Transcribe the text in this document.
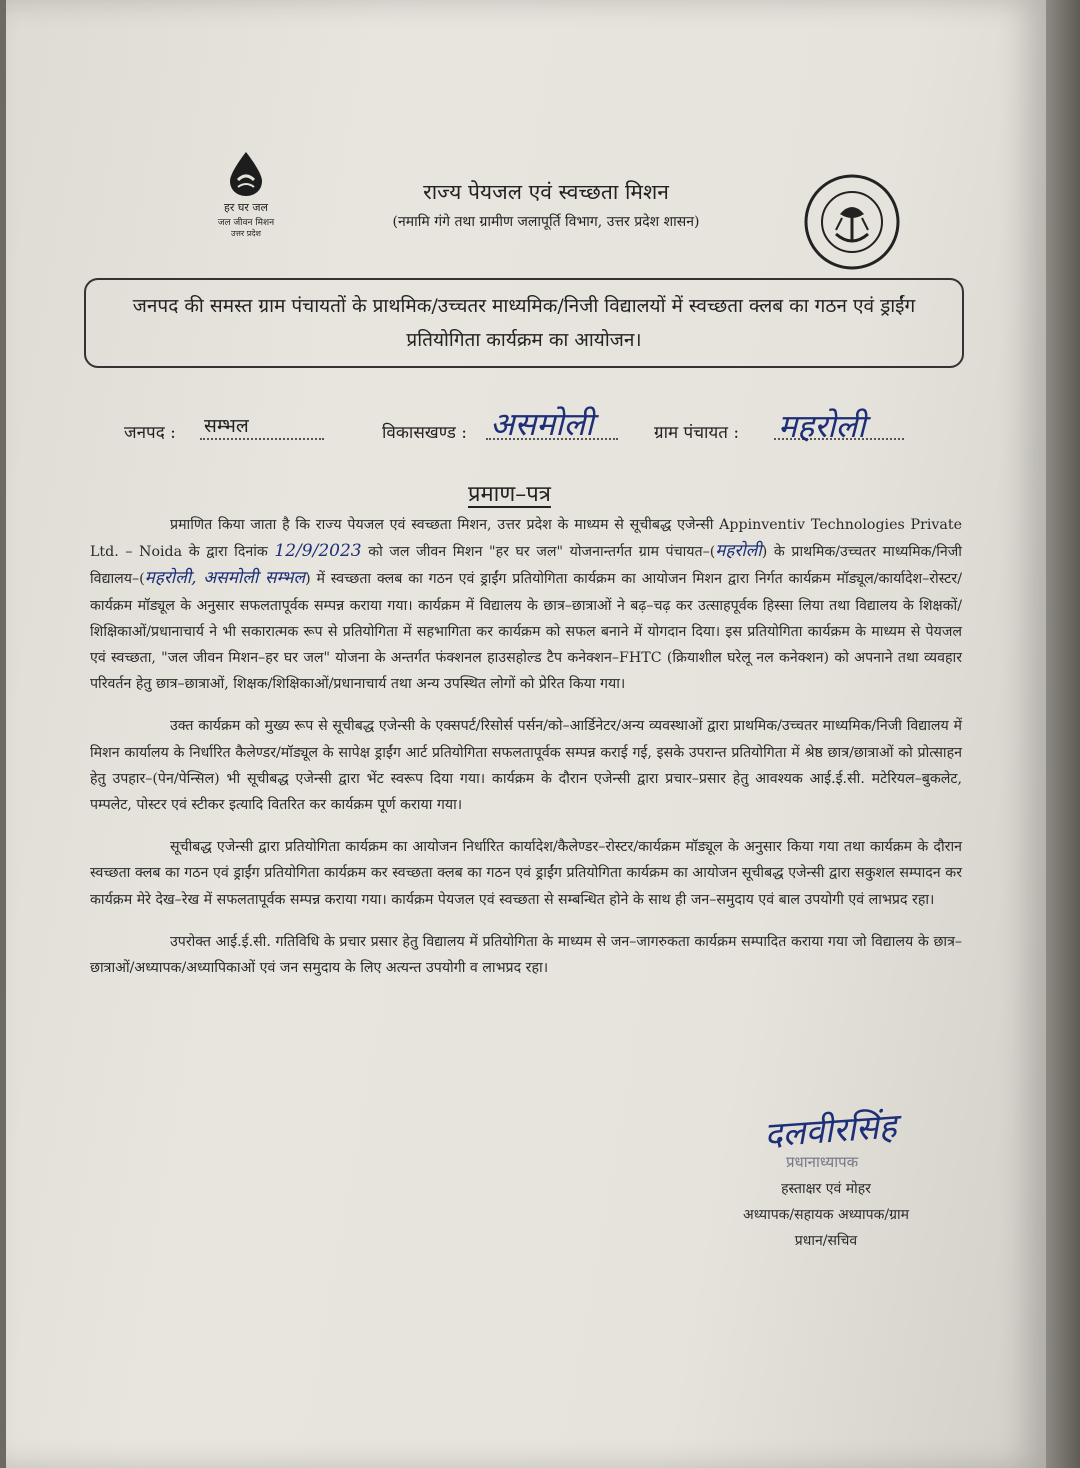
हर घर जल
जल जीवन मिशन
उत्तर प्रदेश
राज्य पेयजल एवं स्वच्छता मिशन
(नमामि गंगे तथा ग्रामीण जलापूर्ति विभाग, उत्तर प्रदेश शासन)
जनपद की समस्त ग्राम पंचायतों के प्राथमिक/उच्चतर माध्यमिक/निजी विद्यालयों में स्वच्छता क्लब का गठन एवं ड्राईंग प्रतियोगिता कार्यक्रम का आयोजन।
जनपद : सम्भल	विकासखण्ड : असमोली	ग्राम पंचायत : महरोली
प्रमाण–पत्र

प्रमाणित किया जाता है कि राज्य पेयजल एवं स्वच्छता मिशन, उत्तर प्रदेश के माध्यम से सूचीबद्ध एजेन्सी Appinventiv Technologies Private Ltd. – Noida के द्वारा दिनांक 12/9/2023 को जल जीवन मिशन "हर घर जल" योजनान्तर्गत ग्राम पंचायत–(महरोली) के प्राथमिक/उच्चतर माध्यमिक/निजी विद्यालय–(महरोली, असमोली सम्भल) में स्वच्छता क्लब का गठन एवं ड्राईंग प्रतियोगिता कार्यक्रम का आयोजन मिशन द्वारा निर्गत कार्यक्रम मॉड्यूल/कार्यादेश–रोस्टर/कार्यक्रम मॉड्यूल के अनुसार सफलतापूर्वक सम्पन्न कराया गया। कार्यक्रम में विद्यालय के छात्र–छात्राओं ने बढ़–चढ़ कर उत्साहपूर्वक हिस्सा लिया तथा विद्यालय के शिक्षकों/शिक्षिकाओं/प्रधानाचार्य ने भी सकारात्मक रूप से प्रतियोगिता में सहभागिता कर कार्यक्रम को सफल बनाने में योगदान दिया। इस प्रतियोगिता कार्यक्रम के माध्यम से पेयजल एवं स्वच्छता, "जल जीवन मिशन–हर घर जल" योजना के अन्तर्गत फंक्शनल हाउसहोल्ड टैप कनेक्शन–FHTC (क्रियाशील घरेलू नल कनेक्शन) को अपनाने तथा व्यवहार परिवर्तन हेतु छात्र–छात्राओं, शिक्षक/शिक्षिकाओं/प्रधानाचार्य तथा अन्य उपस्थित लोगों को प्रेरित किया गया।

उक्त कार्यक्रम को मुख्य रूप से सूचीबद्ध एजेन्सी के एक्सपर्ट/रिसोर्स पर्सन/को–आर्डिनेटर/अन्य व्यवस्थाओं द्वारा प्राथमिक/उच्चतर माध्यमिक/निजी विद्यालय में मिशन कार्यालय के निर्धारित कैलेण्डर/मॉड्यूल के सापेक्ष ड्राईंग आर्ट प्रतियोगिता सफलतापूर्वक सम्पन्न कराई गई, इसके उपरान्त प्रतियोगिता में श्रेष्ठ छात्र/छात्राओं को प्रोत्साहन हेतु उपहार–(पेन/पेन्सिल) भी सूचीबद्ध एजेन्सी द्वारा भेंट स्वरूप दिया गया। कार्यक्रम के दौरान एजेन्सी द्वारा प्रचार–प्रसार हेतु आवश्यक आई.ई.सी. मटेरियल–बुकलेट, पम्पलेट, पोस्टर एवं स्टीकर इत्यादि वितरित कर कार्यक्रम पूर्ण कराया गया।

सूचीबद्ध एजेन्सी द्वारा प्रतियोगिता कार्यक्रम का आयोजन निर्धारित कार्यादेश/कैलेण्डर–रोस्टर/कार्यक्रम मॉड्यूल के अनुसार किया गया तथा कार्यक्रम के दौरान स्वच्छता क्लब का गठन एवं ड्राईंग प्रतियोगिता कार्यक्रम कर स्वच्छता क्लब का गठन एवं ड्राईंग प्रतियोगिता कार्यक्रम का आयोजन सूचीबद्ध एजेन्सी द्वारा सकुशल सम्पादन कर कार्यक्रम मेरे देख–रेख में सफलतापूर्वक सम्पन्न कराया गया। कार्यक्रम पेयजल एवं स्वच्छता से सम्बन्धित होने के साथ ही जन–समुदाय एवं बाल उपयोगी एवं लाभप्रद रहा।

उपरोक्त आई.ई.सी. गतिविधि के प्रचार प्रसार हेतु विद्यालय में प्रतियोगिता के माध्यम से जन–जागरुकता कार्यक्रम सम्पादित कराया गया जो विद्यालय के छात्र–छात्राओं/अध्यापक/अध्यापिकाओं एवं जन समुदाय के लिए अत्यन्त उपयोगी व लाभप्रद रहा।

दलवीरसिंह
प्रधानाध्यापक
हस्ताक्षर एवं मोहर
अध्यापक/सहायक अध्यापक/ग्राम
प्रधान/सचिव
